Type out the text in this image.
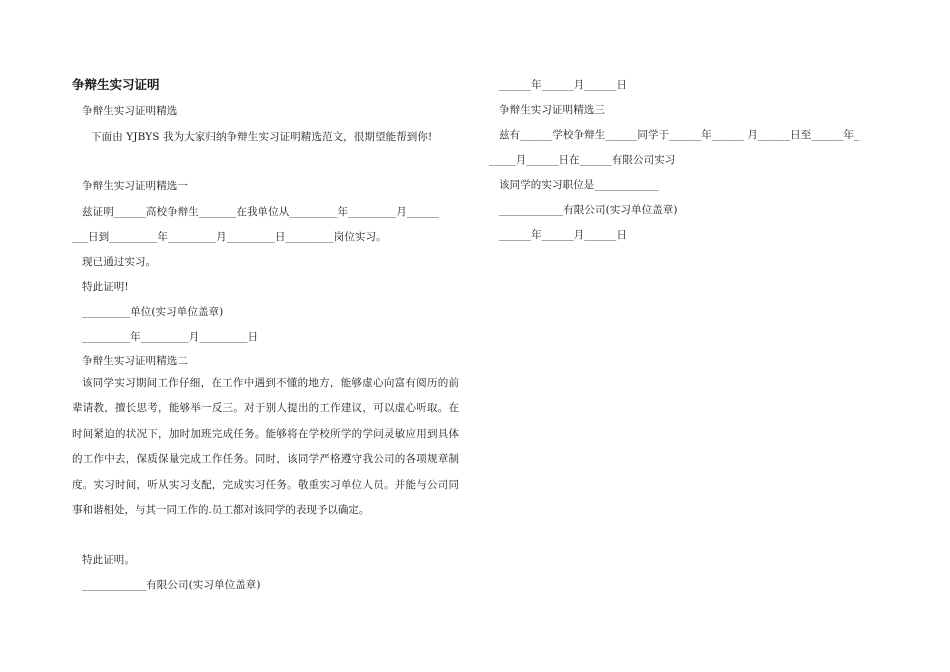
争辩生实习证明
争辩生实习证明精选
下面由 YJBYS 我为大家归纳争辩生实习证明精选范文，很期望能帮到你!
争辩生实习证明精选一
兹证明______高校争辩生_______在我单位从_________年_________月______
___日到_________年_________月_________日_________岗位实习。
现已通过实习。
特此证明!
_________单位(实习单位盖章)
_________年_________月_________日
争辩生实习证明精选二
该同学实习期间工作仔细，在工作中遇到不懂的地方，能够虚心向富有阅历的前辈请教，擅长思考，能够举一反三。对于别人提出的工作建议，可以虚心听取。在时间紧迫的状况下，加时加班完成任务。能够将在学校所学的学问灵敏应用到具体的工作中去，保质保量完成工作任务。同时，该同学严格遵守我公司的各项规章制度。实习时间，听从实习支配，完成实习任务。敬重实习单位人员。并能与公司同事和谐相处，与其一同工作的.员工都对该同学的表现予以确定。
特此证明。
____________有限公司(实习单位盖章)
______年______月______日
争辩生实习证明精选三
兹有______学校争辩生______同学于______年______ 月______日至______年_
_____月______日在______有限公司实习
该同学的实习职位是____________
____________有限公司(实习单位盖章)
______年______月______日
